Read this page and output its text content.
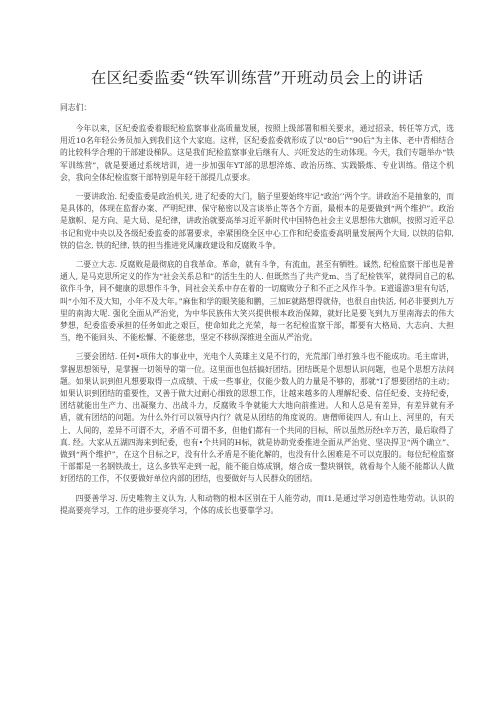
在区纪委监委“铁军训练营”开班动员会上的讲话

同志们：

今年以来，区纪委监委着眼纪检监察事业高质量发展，按照上级部署和相关要求，通过招录、转任等方式，选用近10名年轻公务员加入到我们这个大家庭。这样，区纪委监委就形成了以“80后”“90后”为主体、老中青相结合的比较科学合理的干部建设梯队。这是我们纪检监察事业后继有人、兴旺发达的生动体现。今天，我们专题举办“铁军训练营”，就是要通过系统培训，进一步加强年YT部的思想淬炼、政治历练、实践锻炼、专业训练。借这个机会，我向全体纪检监察干部特别是年轻干部提几点要求。

一要讲政治. 纪委监委是政治机关, 进了纪委的大门，脑子里要始终牢记“政治’’两个字。讲政治不是抽象的，而是具体的，体现在监督办案、严明纪律、保守秘密以及言谈举止等各个方面，最根本的是要做到“两个维护”。政治是旗帜、是方向、是大局、是纪律，讲政治就要高举习近平新时代中国特色社会主义思想伟大旗帜，按照习近平总书记和党中央以及各级纪委监委的部署要求，牵紧围绕全区中心工作和纪委监委高明量发展两个大局, 以铁的信仰, 铁的信念, 铁的纪律, 铁的担当推进党风廉政建设和反腐败斗争。

二要立大志. 反腐败是最彻底的自我革命。革命，就有斗争，有流血，甚至有牺牲。诚然, 纪检监察干部也是普通人, 是马克思所定义的作为“社会关系总和”的活生生的人. 但既然当了共产党m、当了纪检铁军，就得同自己的私欲作斗争，同不健康的思想作斗争，同社会关系中存在着的一切腐败分子和不正之风作斗争。E道遥游3里有句话，叫“小知不及大知，小年不及大年。”麻隹和学的眼笑能和鹏，三加E就路想得就侍，也很自由快活, 何必非要到九万里的南海大呢. 强化全面从严治党，为中华民族伟大笑兴提供根本政治保障，就好比是要飞到九万里南海去的伟大梦想，纪委监委承担的任务如此之艰巨，使命如此之光荣，每一名纪检监察干部，都要有大格局、大志向、大担当，绝不能回头、不能松懈、不能慈悲，坚定不移纵深推进全面从严治党。

三要会团结. 任何•项伟大的事业中，光电个人英雄主义是不行的，光荒部门单打独斗也不能成功。毛主席讲，掌握思想领导，是掌握一切领导的第一位。这里面也包括搞好团结。团结既是个思想认识问题，也是个思想方法问题。如果认识到但凡想要取得一点成绩、干成一些事业，仅能少数人的力量是不够的，那就“I了想要团结的主动；如果认识到团结的重要性，又善于做大过耐心细致的思想工作，让越来越多的人理解纪委、信任纪委、支持纪委，团结就能出生产力、出凝聚力、出战斗力，反腐败斗争就能大大地向前推进。人和人总是有差异，有差异就有矛盾，就有团结的问题。为什么外行可以领导内行？就是从团结的角度说的。唐僧师徒四人, 有山上、河里的，有天上、人间的，差异不可谓不大，矛盾不可谓不多，但他们都有一个共同的目标，所以虽然历经t辛万苦，最后取得了真. 经。大家从五湖四海来到纪委，也有•个共同的H标，就是协助党委推进全面从严治党、坚决捍卫“两个确立”、做到“两个维护”，在这个目标之F，没有什么矛盾是不能化解的，也没有什么困难是不可以克服的。每位纪检监察干部都是一名钢铁战士，这么多铁军走到一起，能不能自炼成钢，熔合成一整块钢铁，就看每个人能不能都认人做好团结的工作，不仅要做好单位内部的团结，也要做好与人民群众的团结。

四要善学习. 历史唯物主义认为, 人和动物的根本区别在于人能劳动，而I1.是通过学习创造性地劳动。认识的提高要亮学习，工作的进步要亮学习，个体的成长也要靠学习。
